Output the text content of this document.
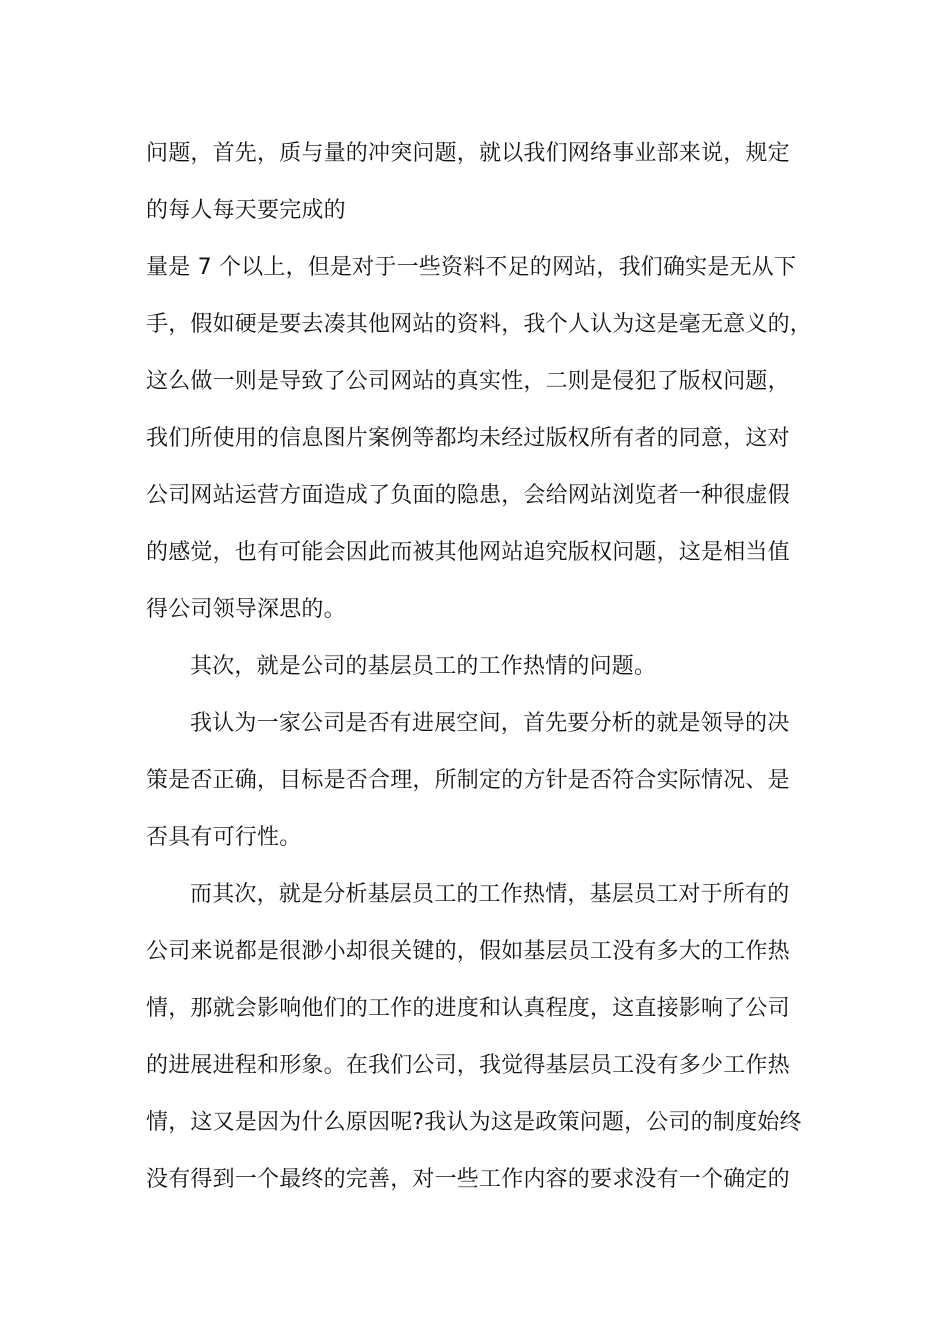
问题，首先，质与量的冲突问题，就以我们网络事业部来说，规定
的每人每天要完成的
量是 7 个以上，但是对于一些资料不足的网站，我们确实是无从下
手，假如硬是要去凑其他网站的资料，我个人认为这是毫无意义的，
这么做一则是导致了公司网站的真实性，二则是侵犯了版权问题，
我们所使用的信息图片案例等都均未经过版权所有者的同意，这对
公司网站运营方面造成了负面的隐患，会给网站浏览者一种很虚假
的感觉，也有可能会因此而被其他网站追究版权问题，这是相当值
得公司领导深思的。
其次，就是公司的基层员工的工作热情的问题。
我认为一家公司是否有进展空间，首先要分析的就是领导的决
策是否正确，目标是否合理，所制定的方针是否符合实际情况、是
否具有可行性。
而其次，就是分析基层员工的工作热情，基层员工对于所有的
公司来说都是很渺小却很关键的，假如基层员工没有多大的工作热
情，那就会影响他们的工作的进度和认真程度，这直接影响了公司
的进展进程和形象。在我们公司，我觉得基层员工没有多少工作热
情，这又是因为什么原因呢?我认为这是政策问题，公司的制度始终
没有得到一个最终的完善，对一些工作内容的要求没有一个确定的
